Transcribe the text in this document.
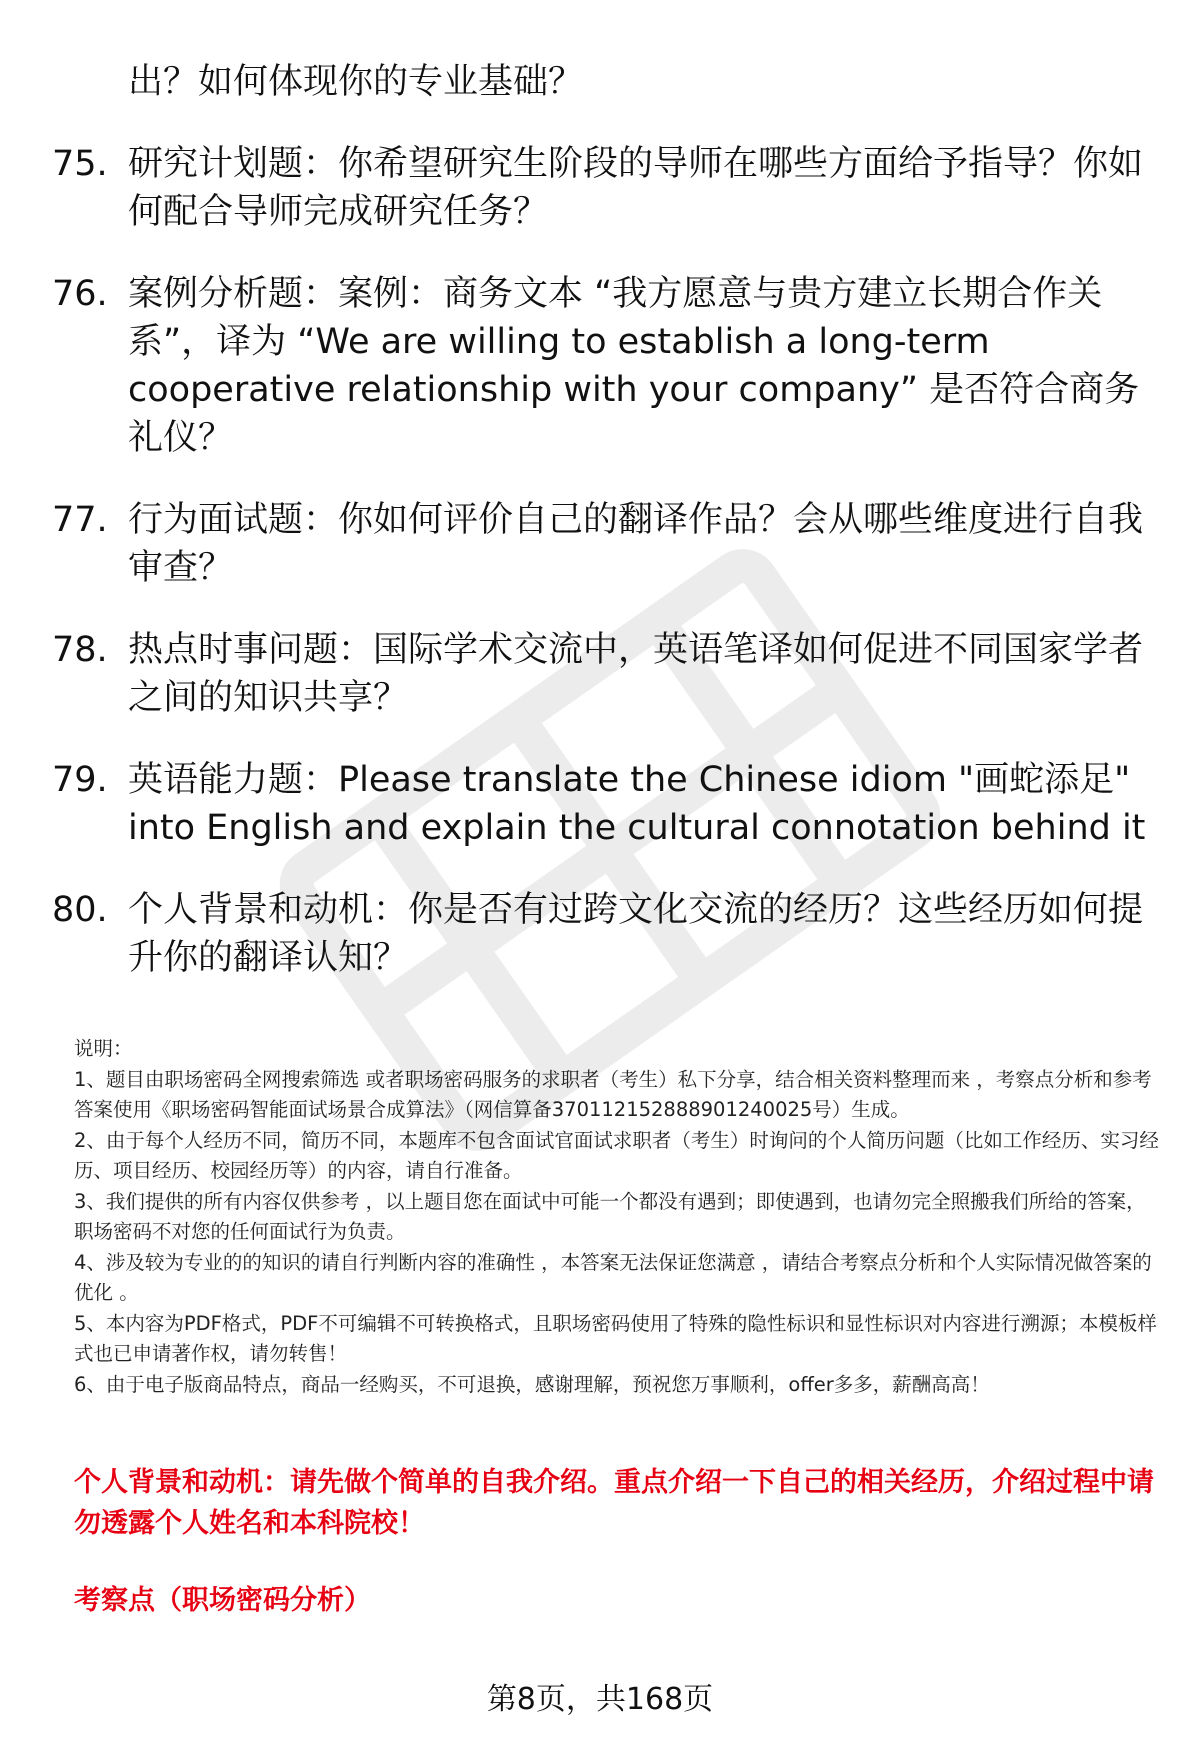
出？如何体现你的专业基础？
75. 研究计划题：你希望研究生阶段的导师在哪些方面给予指导？你如何配合导师完成研究任务？
76. 案例分析题：案例：商务文本 “我方愿意与贵方建立长期合作关系”，译为 “We are willing to establish a long-term cooperative relationship with your company” 是否符合商务礼仪？
77. 行为面试题：你如何评价自己的翻译作品？会从哪些维度进行自我审查？
78. 热点时事问题：国际学术交流中，英语笔译如何促进不同国家学者之间的知识共享？
79. 英语能力题：Please translate the Chinese idiom "画蛇添足" into English and explain the cultural connotation behind it
80. 个人背景和动机：你是否有过跨文化交流的经历？这些经历如何提升你的翻译认知？

说明：

1、题目由职场密码全网搜索筛选 或者职场密码服务的求职者（考生）私下分享，结合相关资料整理而来 ，考察点分析和参考答案使用《职场密码智能面试场景合成算法》（网信算备370112152888901240025号）生成。

2、由于每个人经历不同，简历不同，本题库不包含面试官面试求职者（考生）时询问的个人简历问题（比如工作经历、实习经历、项目经历、校园经历等）的内容，请自行准备。

3、我们提供的所有内容仅供参考 ，以上题目您在面试中可能一个都没有遇到；即使遇到，也请勿完全照搬我们所给的答案，职场密码不对您的任何面试行为负责。

4、涉及较为专业的的知识的请自行判断内容的准确性 ，本答案无法保证您满意 ，请结合考察点分析和个人实际情况做答案的优化 。

5、本内容为PDF格式，PDF不可编辑不可转换格式，且职场密码使用了特殊的隐性标识和显性标识对内容进行溯源；本模板样式也已申请著作权，请勿转售！

6、由于电子版商品特点，商品一经购买，不可退换，感谢理解，预祝您万事顺利，offer多多，薪酬高高！

个人背景和动机：请先做个简单的自我介绍。重点介绍一下自己的相关经历，介绍过程中请勿透露个人姓名和本科院校！
考察点（职场密码分析）
第8页，共168页
